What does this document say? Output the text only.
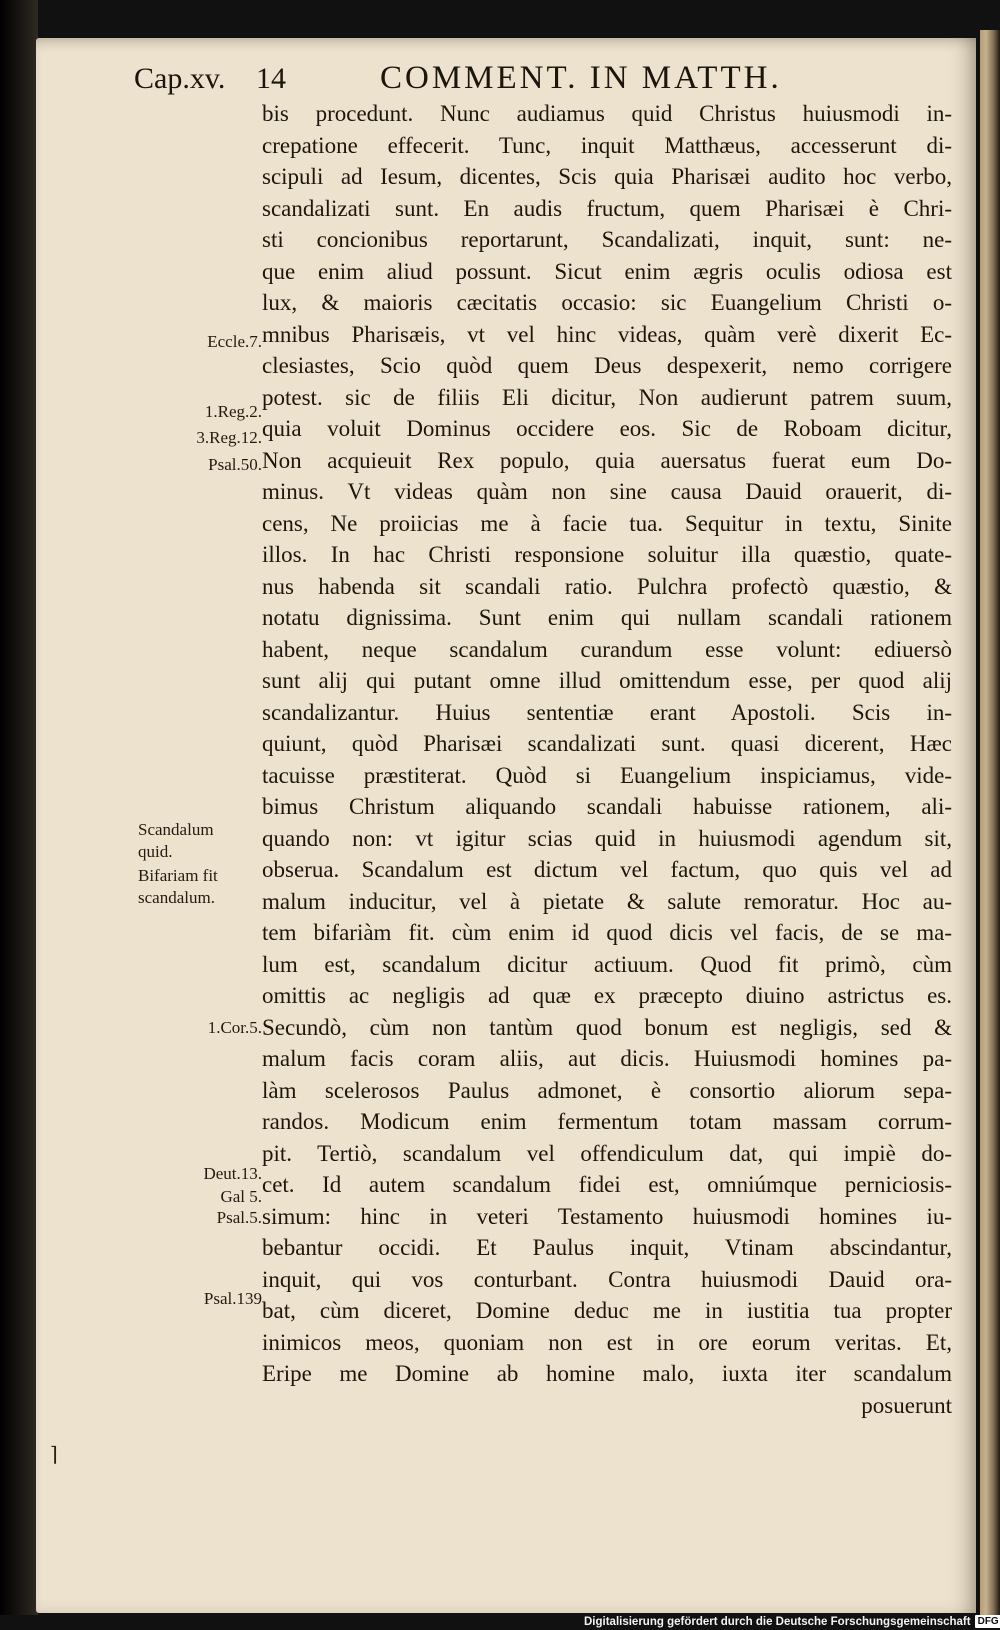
Cap.xv. 14	COMMENT. IN MATTH.
Eccle.7.
1.Reg.2.
3.Reg.12.
Psal.50.
Scandalum
quid.
Bifariam fit
scandalum.
1.Cor.5.
Deut.13.
Gal 5.
Psal.5.
Psal.139
bis procedunt. Nunc audiamus quid Christus huiusmodi in-
crepatione effecerit. Tunc, inquit Matthæus, accesserunt di-
scipuli ad Iesum, dicentes, Scis quia Pharisæi audito hoc verbo,
scandalizati sunt. En audis fructum, quem Pharisæi è Chri-
sti concionibus reportarunt, Scandalizati, inquit, sunt: ne-
que enim aliud possunt. Sicut enim ægris oculis odiosa est
lux, & maioris cæcitatis occasio: sic Euangelium Christi o-
mnibus Pharisæis, vt vel hinc videas, quàm verè dixerit Ec-
clesiastes, Scio quòd quem Deus despexerit, nemo corrigere
potest. sic de filiis Eli dicitur, Non audierunt patrem suum,
quia voluit Dominus occidere eos. Sic de Roboam dicitur,
Non acquieuit Rex populo, quia auersatus fuerat eum Do-
minus. Vt videas quàm non sine causa Dauid orauerit, di-
cens, Ne proiicias me à facie tua. Sequitur in textu, Sinite
illos. In hac Christi responsione soluitur illa quæstio, quate-
nus habenda sit scandali ratio. Pulchra profectò quæstio, &
notatu dignissima. Sunt enim qui nullam scandali rationem
habent, neque scandalum curandum esse volunt: ediuersò
sunt alij qui putant omne illud omittendum esse, per quod alij
scandalizantur. Huius sententiæ erant Apostoli. Scis in-
quiunt, quòd Pharisæi scandalizati sunt. quasi dicerent, Hæc
tacuisse præstiterat. Quòd si Euangelium inspiciamus, vide-
bimus Christum aliquando scandali habuisse rationem, ali-
quando non: vt igitur scias quid in huiusmodi agendum sit,
obserua. Scandalum est dictum vel factum, quo quis vel ad
malum inducitur, vel à pietate & salute remoratur. Hoc au-
tem bifariàm fit. cùm enim id quod dicis vel facis, de se ma-
lum est, scandalum dicitur actiuum. Quod fit primò, cùm
omittis ac negligis ad quæ ex præcepto diuino astrictus es.
Secundò, cùm non tantùm quod bonum est negligis, sed &
malum facis coram aliis, aut dicis. Huiusmodi homines pa-
làm scelerosos Paulus admonet, è consortio aliorum sepa-
randos. Modicum enim fermentum totam massam corrum-
pit. Tertiò, scandalum vel offendiculum dat, qui impiè do-
cet. Id autem scandalum fidei est, omniúmque perniciosis-
simum: hinc in veteri Testamento huiusmodi homines iu-
bebantur occidi. Et Paulus inquit, Vtinam abscindantur,
inquit, qui vos conturbant. Contra huiusmodi Dauid ora-
bat, cùm diceret, Domine deduc me in iustitia tua propter
inimicos meos, quoniam non est in ore eorum veritas. Et,
Eripe me Domine ab homine malo, iuxta iter scandalum
posuerunt
⌉
Digitalisierung gefördert durch die Deutsche Forschungsgemeinschaft DFG
